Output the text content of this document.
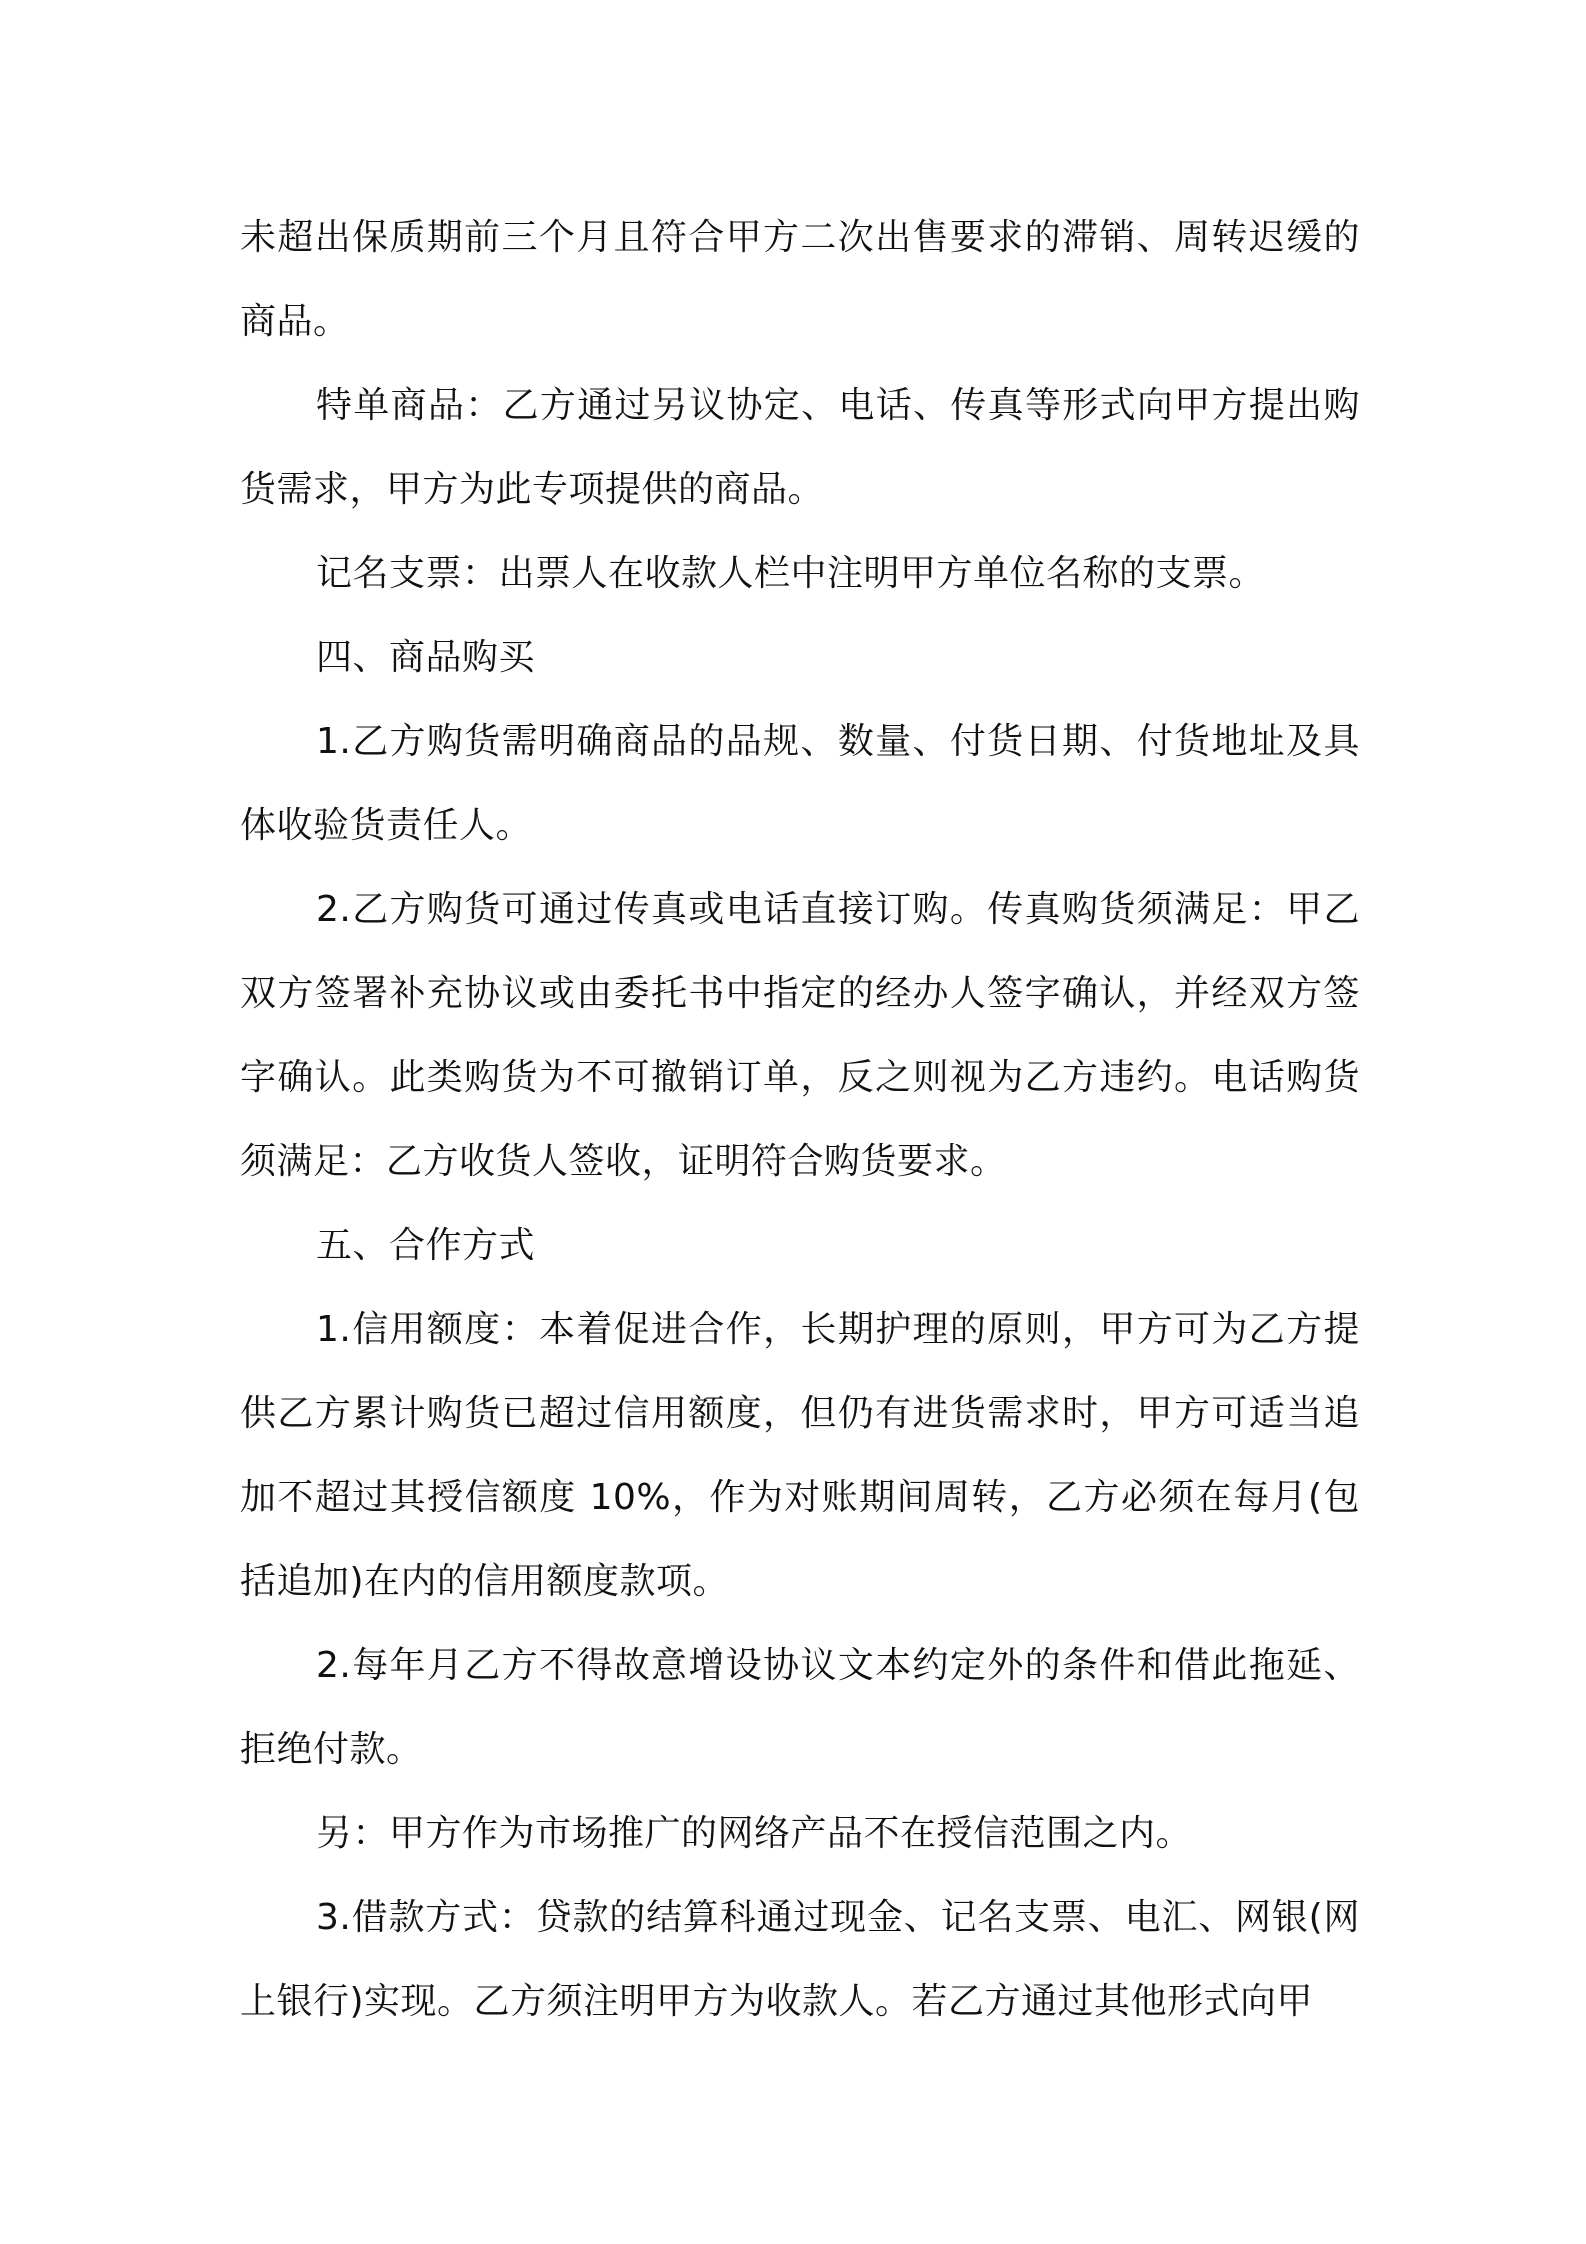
未超出保质期前三个月且符合甲方二次出售要求的滞销、周转迟缓的商品。

特单商品：乙方通过另议协定、电话、传真等形式向甲方提出购货需求，甲方为此专项提供的商品。

记名支票：出票人在收款人栏中注明甲方单位名称的支票。

四、商品购买

1.乙方购货需明确商品的品规、数量、付货日期、付货地址及具体收验货责任人。

2.乙方购货可通过传真或电话直接订购。传真购货须满足：甲乙双方签署补充协议或由委托书中指定的经办人签字确认，并经双方签字确认。此类购货为不可撤销订单，反之则视为乙方违约。电话购货须满足：乙方收货人签收，证明符合购货要求。

五、合作方式

1.信用额度：本着促进合作，长期护理的原则，甲方可为乙方提供乙方累计购货已超过信用额度，但仍有进货需求时，甲方可适当追加不超过其授信额度 10%，作为对账期间周转，乙方必须在每月(包括追加)在内的信用额度款项。

2.每年月乙方不得故意增设协议文本约定外的条件和借此拖延、拒绝付款。

另：甲方作为市场推广的网络产品不在授信范围之内。

3.借款方式：贷款的结算科通过现金、记名支票、电汇、网银(网上银行)实现。乙方须注明甲方为收款人。若乙方通过其他形式向甲
